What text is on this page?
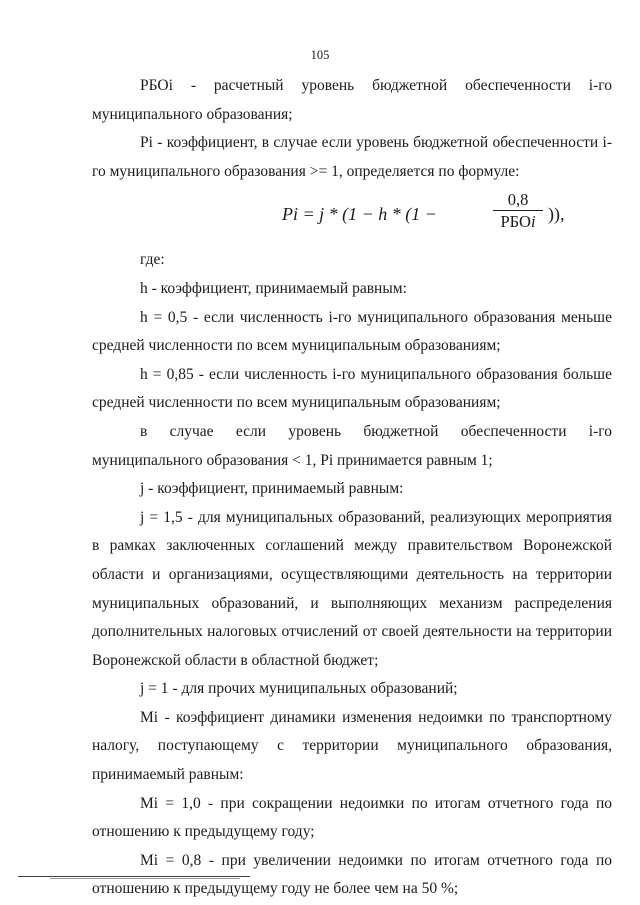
105

РБОi - расчетный уровень бюджетной обеспеченности i-го муниципального образования;

Pi - коэффициент, в случае если уровень бюджетной обеспеченности i-го муниципального образования >= 1, определяется по формуле:

Pi = j * (1 − h * (1 −
0,8
РБОi )),

где:

h - коэффициент, принимаемый равным:

h = 0,5 - если численность i-го муниципального образования меньше средней численности по всем муниципальным образованиям;

h = 0,85 - если численность i-го муниципального образования больше средней численности по всем муниципальным образованиям;

в случае если уровень бюджетной обеспеченности i-го муниципального образования < 1, Pi принимается равным 1;

j - коэффициент, принимаемый равным:

j = 1,5 - для муниципальных образований, реализующих мероприятия в рамках заключенных соглашений между правительством Воронежской области и организациями, осуществляющими деятельность на территории муниципальных образований, и выполняющих механизм распределения дополнительных налоговых отчислений от своей деятельности на территории Воронежской области в областной бюджет;

j = 1 - для прочих муниципальных образований;

Mi - коэффициент динамики изменения недоимки по транспортному налогу, поступающему с территории муниципального образования, принимаемый равным:

Mi = 1,0 - при сокращении недоимки по итогам отчетного года по отношению к предыдущему году;

Mi = 0,8 - при увеличении недоимки по итогам отчетного года по отношению к предыдущему году не более чем на 50 %;
